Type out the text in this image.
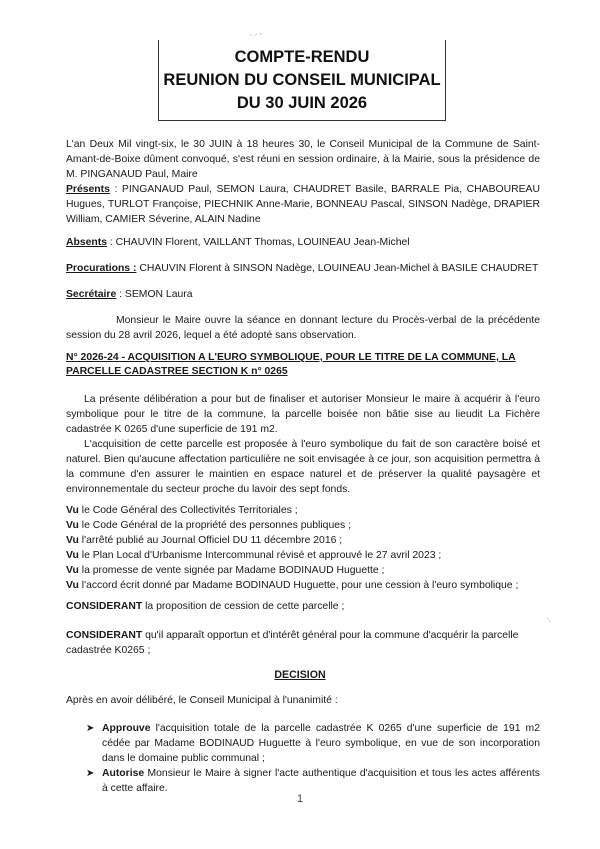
- .- ~
COMPTE-RENDU
REUNION DU CONSEIL MUNICIPAL
DU 30 JUIN 2026
L'an Deux Mil vingt-six, le 30 JUIN à 18 heures 30, le Conseil Municipal de la Commune de Saint-Amant-de-Boixe dûment convoqué, s'est réuni en session ordinaire, à la Mairie, sous la présidence de M. PINGANAUD Paul, Maire
Présents : PINGANAUD Paul, SEMON Laura, CHAUDRET Basile, BARRALE Pia, CHABOUREAU Hugues, TURLOT Françoise, PIECHNIK Anne-Marie, BONNEAU Pascal, SINSON Nadège, DRAPIER William, CAMIER Séverine, ALAIN Nadine
Absents : CHAUVIN Florent, VAILLANT Thomas, LOUINEAU Jean-Michel
Procurations : CHAUVIN Florent à SINSON Nadège, LOUINEAU Jean-Michel à BASILE CHAUDRET
Secrétaire : SEMON Laura
Monsieur le Maire ouvre la séance en donnant lecture du Procès-verbal de la précédente session du 28 avril 2026, lequel a été adopté sans observation.
N° 2026-24 - ACQUISITION A L'EURO SYMBOLIQUE, POUR LE TITRE DE LA COMMUNE, LA PARCELLE CADASTREE SECTION K n° 0265
La présente délibération a pour but de finaliser et autoriser Monsieur le maire à acquérir à l'euro symbolique pour le titre de la commune, la parcelle boisée non bâtie sise au lieudit La Fichère cadastrée K 0265 d'une superficie de 191 m2.
L'acquisition de cette parcelle est proposée à l'euro symbolique du fait de son caractère boisé et naturel. Bien qu'aucune affectation particulière ne soit envisagée à ce jour, son acquisition permettra à la commune d'en assurer le maintien en espace naturel et de préserver la qualité paysagère et environnementale du secteur proche du lavoir des sept fonds.
Vu le Code Général des Collectivités Territoriales ;
Vu le Code Général de la propriété des personnes publiques ;
Vu l'arrêté publié au Journal Officiel DU 11 décembre 2016 ;
Vu le Plan Local d'Urbanisme Intercommunal révisé et approuvé le 27 avril 2023 ;
Vu la promesse de vente signée par Madame BODINAUD Huguette ;
Vu l'accord écrit donné par Madame BODINAUD Huguette, pour une cession à l'euro symbolique ;
CONSIDERANT la proposition de cession de cette parcelle ;
·,
CONSIDERANT qu'il apparaît opportun et d'intérêt général pour la commune d'acquérir la parcelle cadastrée K0265 ;
DECISION
Après en avoir délibéré, le Conseil Municipal à l'unanimité :
➤ Approuve l'acquisition totale de la parcelle cadastrée K 0265 d'une superficie de 191 m2 cédée par Madame BODINAUD Huguette à l'euro symbolique, en vue de son incorporation dans le domaine public communal ;
➤ Autorise Monsieur le Maire à signer l'acte authentique d'acquisition et tous les actes afférents à cette affaire.
1
